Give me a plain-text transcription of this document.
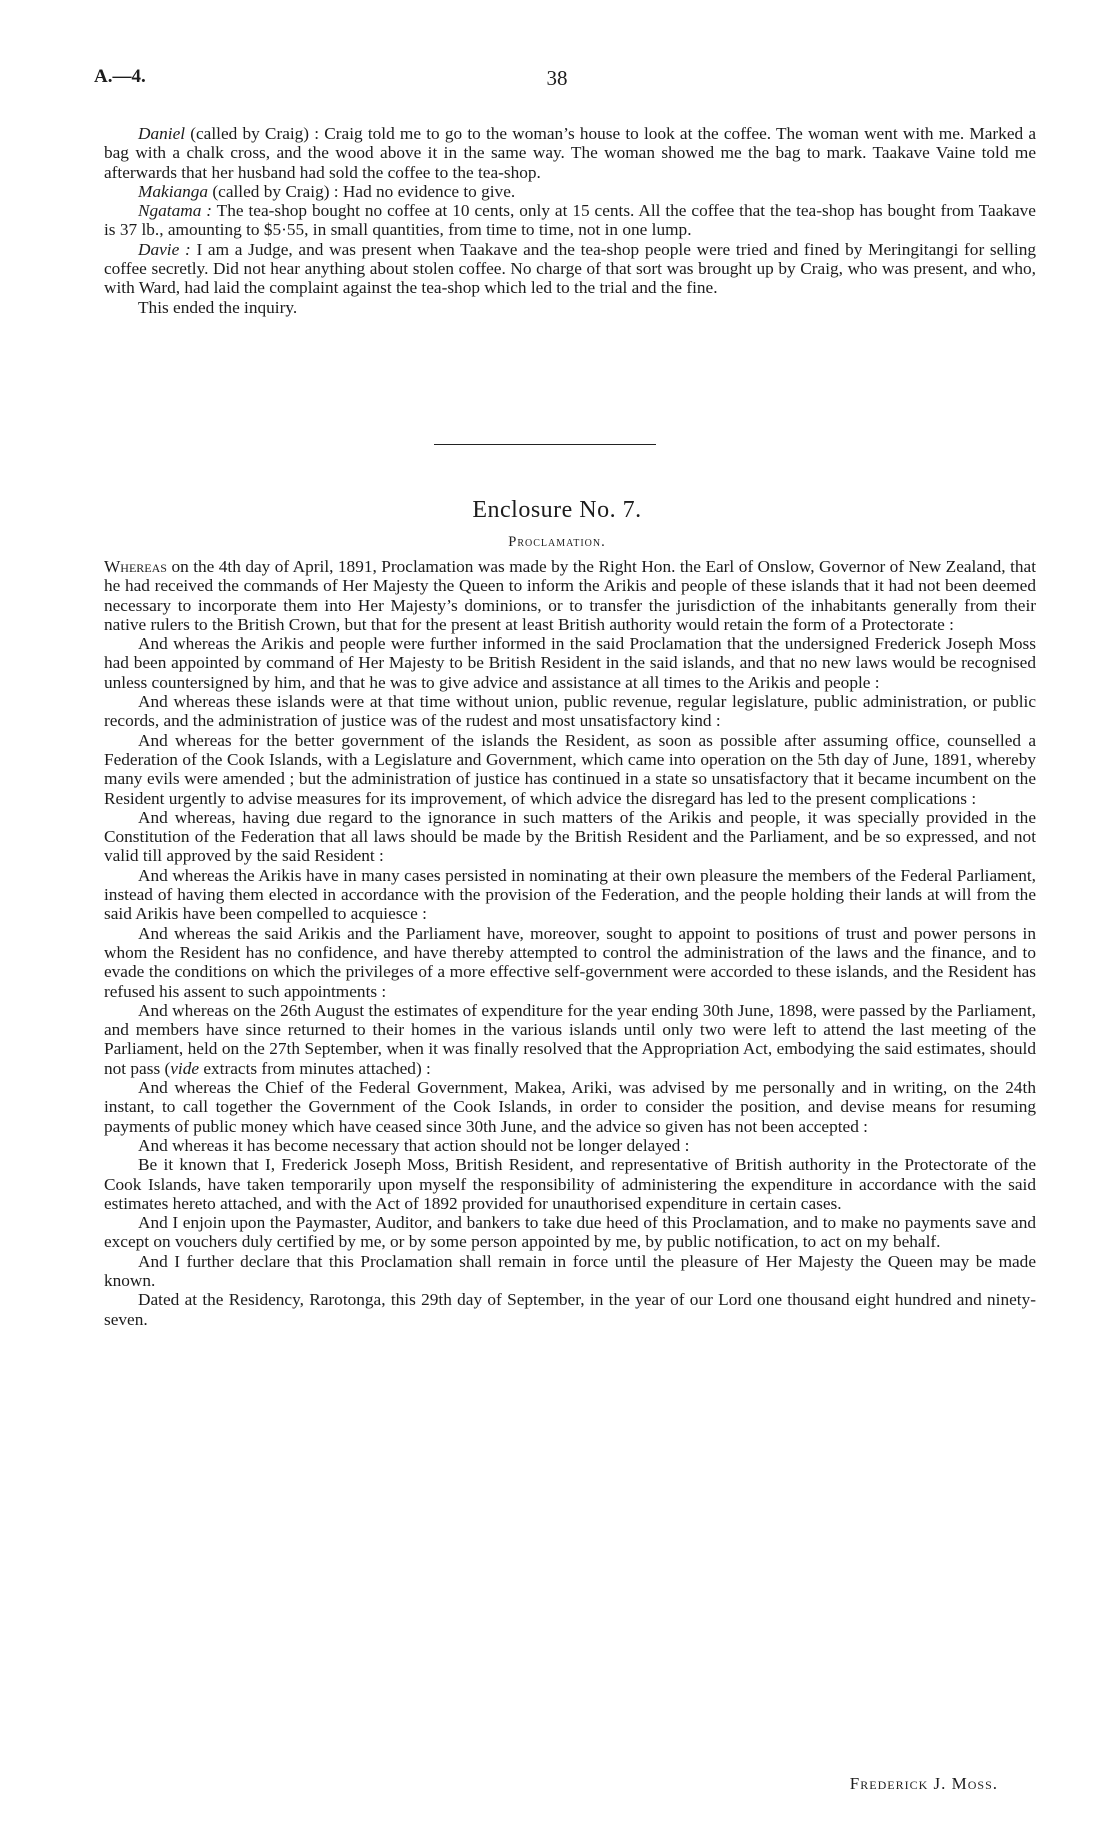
A.—4.	38

Daniel (called by Craig) : Craig told me to go to the woman’s house to look at the coffee. The woman went with me. Marked a bag with a chalk cross, and the wood above it in the same way. The woman showed me the bag to mark. Taakave Vaine told me afterwards that her husband had sold the coffee to the tea-shop.

Makianga (called by Craig) : Had no evidence to give.

Ngatama : The tea-shop bought no coffee at 10 cents, only at 15 cents. All the coffee that the tea-shop has bought from Taakave is 37 lb., amounting to $5·55, in small quantities, from time to time, not in one lump.

Davie : I am a Judge, and was present when Taakave and the tea-shop people were tried and fined by Meringitangi for selling coffee secretly. Did not hear anything about stolen coffee. No charge of that sort was brought up by Craig, who was present, and who, with Ward, had laid the complaint against the tea-shop which led to the trial and the fine.

This ended the inquiry.

Enclosure No. 7.
Proclamation.

Whereas on the 4th day of April, 1891, Proclamation was made by the Right Hon. the Earl of Onslow, Governor of New Zealand, that he had received the commands of Her Majesty the Queen to inform the Arikis and people of these islands that it had not been deemed necessary to incorporate them into Her Majesty’s dominions, or to transfer the jurisdiction of the inhabitants generally from their native rulers to the British Crown, but that for the present at least British authority would retain the form of a Protectorate :

And whereas the Arikis and people were further informed in the said Proclamation that the undersigned Frederick Joseph Moss had been appointed by command of Her Majesty to be British Resident in the said islands, and that no new laws would be recognised unless countersigned by him, and that he was to give advice and assistance at all times to the Arikis and people :

And whereas these islands were at that time without union, public revenue, regular legislature, public administration, or public records, and the administration of justice was of the rudest and most unsatisfactory kind :

And whereas for the better government of the islands the Resident, as soon as possible after assuming office, counselled a Federation of the Cook Islands, with a Legislature and Government, which came into operation on the 5th day of June, 1891, whereby many evils were amended ; but the administration of justice has continued in a state so unsatisfactory that it became incumbent on the Resident urgently to advise measures for its improvement, of which advice the disregard has led to the present complications :

And whereas, having due regard to the ignorance in such matters of the Arikis and people, it was specially provided in the Constitution of the Federation that all laws should be made by the British Resident and the Parliament, and be so expressed, and not valid till approved by the said Resident :

And whereas the Arikis have in many cases persisted in nominating at their own pleasure the members of the Federal Parliament, instead of having them elected in accordance with the provision of the Federation, and the people holding their lands at will from the said Arikis have been compelled to acquiesce :

And whereas the said Arikis and the Parliament have, moreover, sought to appoint to positions of trust and power persons in whom the Resident has no confidence, and have thereby attempted to control the administration of the laws and the finance, and to evade the conditions on which the privileges of a more effective self-government were accorded to these islands, and the Resident has refused his assent to such appointments :

And whereas on the 26th August the estimates of expenditure for the year ending 30th June, 1898, were passed by the Parliament, and members have since returned to their homes in the various islands until only two were left to attend the last meeting of the Parliament, held on the 27th September, when it was finally resolved that the Appropriation Act, embodying the said estimates, should not pass (vide extracts from minutes attached) :

And whereas the Chief of the Federal Government, Makea, Ariki, was advised by me personally and in writing, on the 24th instant, to call together the Government of the Cook Islands, in order to consider the position, and devise means for resuming payments of public money which have ceased since 30th June, and the advice so given has not been accepted :

And whereas it has become necessary that action should not be longer delayed :

Be it known that I, Frederick Joseph Moss, British Resident, and representative of British authority in the Protectorate of the Cook Islands, have taken temporarily upon myself the responsibility of administering the expenditure in accordance with the said estimates hereto attached, and with the Act of 1892 provided for unauthorised expenditure in certain cases.

And I enjoin upon the Paymaster, Auditor, and bankers to take due heed of this Proclamation, and to make no payments save and except on vouchers duly certified by me, or by some person appointed by me, by public notification, to act on my behalf.

And I further declare that this Proclamation shall remain in force until the pleasure of Her Majesty the Queen may be made known.

Dated at the Residency, Rarotonga, this 29th day of September, in the year of our Lord one thousand eight hundred and ninety-seven.

Frederick J. Moss.
